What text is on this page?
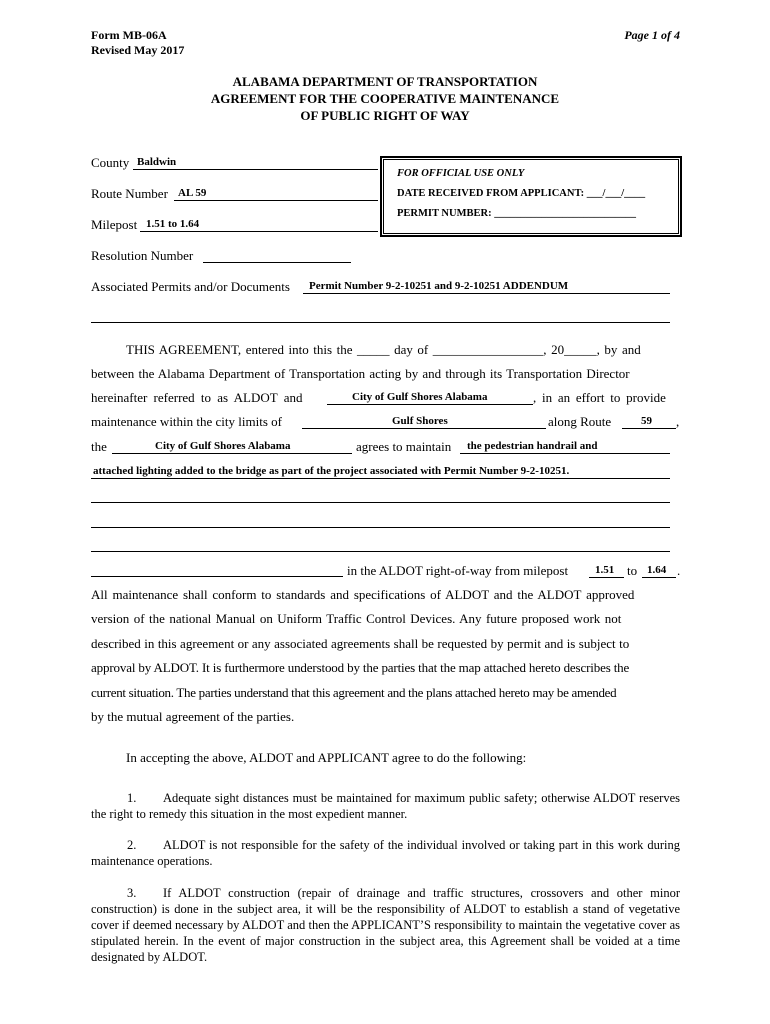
Form MB-06A
Revised May 2017
Page 1 of 4
ALABAMA DEPARTMENT OF TRANSPORTATION
AGREEMENT FOR THE COOPERATIVE MAINTENANCE
OF PUBLIC RIGHT OF WAY
County Baldwin
Route Number AL 59
Milepost 1.51 to 1.64
FOR OFFICIAL USE ONLY
DATE RECEIVED FROM APPLICANT: ___/___/____
PERMIT NUMBER: ___________________________
Resolution Number
Associated Permits and/or Documents Permit Number 9-2-10251 and 9-2-10251 ADDENDUM
THIS AGREEMENT, entered into this the _____ day of _________________, 20_____, by and
between the Alabama Department of Transportation acting by and through its Transportation Director
hereinafter referred to as ALDOT and	City of Gulf Shores Alabama	, in an effort to provide
maintenance within the city limits of	Gulf Shores	along Route	59 ,
the	City of Gulf Shores Alabama	agrees to maintain the pedestrian handrail and
attached lighting added to the bridge as part of the project associated with Permit Number 9-2-10251.
in the ALDOT right-of-way from milepost 1.51 to 1.64 .
All maintenance shall conform to standards and specifications of ALDOT and the ALDOT approved
version of the national Manual on Uniform Traffic Control Devices. Any future proposed work not
described in this agreement or any associated agreements shall be requested by permit and is subject to
approval by ALDOT. It is furthermore understood by the parties that the map attached hereto describes the
current situation. The parties understand that this agreement and the plans attached hereto may be amended
by the mutual agreement of the parties.
In accepting the above, ALDOT and APPLICANT agree to do the following:
1. Adequate sight distances must be maintained for maximum public safety; otherwise ALDOT reserves the right to remedy this situation in the most expedient manner.
2. ALDOT is not responsible for the safety of the individual involved or taking part in this work during maintenance operations.
3. If ALDOT construction (repair of drainage and traffic structures, crossovers and other minor construction) is done in the subject area, it will be the responsibility of ALDOT to establish a stand of vegetative cover if deemed necessary by ALDOT and then the APPLICANT’S responsibility to maintain the vegetative cover as stipulated herein. In the event of major construction in the subject area, this Agreement shall be voided at a time designated by ALDOT.
